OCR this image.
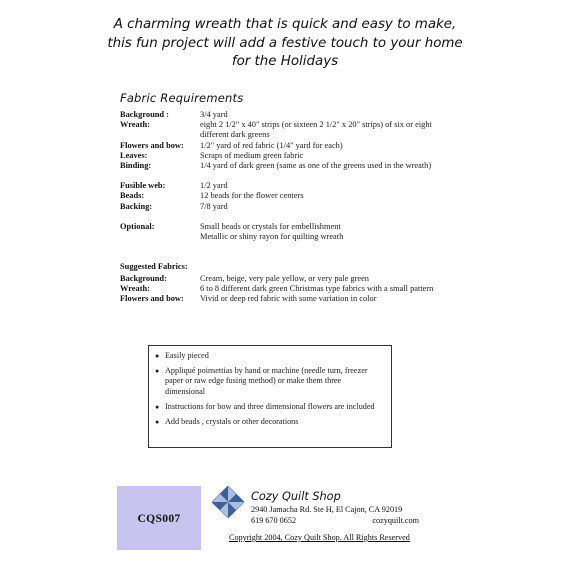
A charming wreath that is quick and easy to make,
this fun project will add a festive touch to your home
for the Holidays
Fabric Requirements
Background :	3/4 yard
Wreath:	eight 2 1/2" x 40" strips (or sixteen 2 1/2" x 20" strips) of six or eight different dark greens
Flowers and bow:	1/2" yard of red fabric (1/4" yard for each)
Leaves:	Scraps of medium green fabric
Binding:	1/4 yard of dark green (same as one of the greens used in the wreath)
Fusible web:	1/2 yard
Beads:	12 beads for the flower centers
Backing:	7/8 yard
Optional:	Small beads or crystals for embellishment
Metallic or shiny rayon for quilting wreath
Suggested Fabrics:
Background:	Cream, beige, very pale yellow, or very pale green
Wreath:	6 to 8 different dark green Christmas type fabrics with a small pattern
Flowers and bow:	Vivid or deep red fabric with some variation in color
● Easily pieced
● Appliqué poinsettias by hand or machine (needle turn, freezer paper or raw edge fusing method) or make them three dimensional
● Instructions for bow and three dimensional flowers are included
● Add beads , crystals or other decorations
CQS007
Cozy Quilt Shop
2940 Jamacha Rd. Ste H, El Cajon, CA 92019
619 670 0652	cozyquilt.com
Copyright 2004, Cozy Quilt Shop. All Rights Reserved
